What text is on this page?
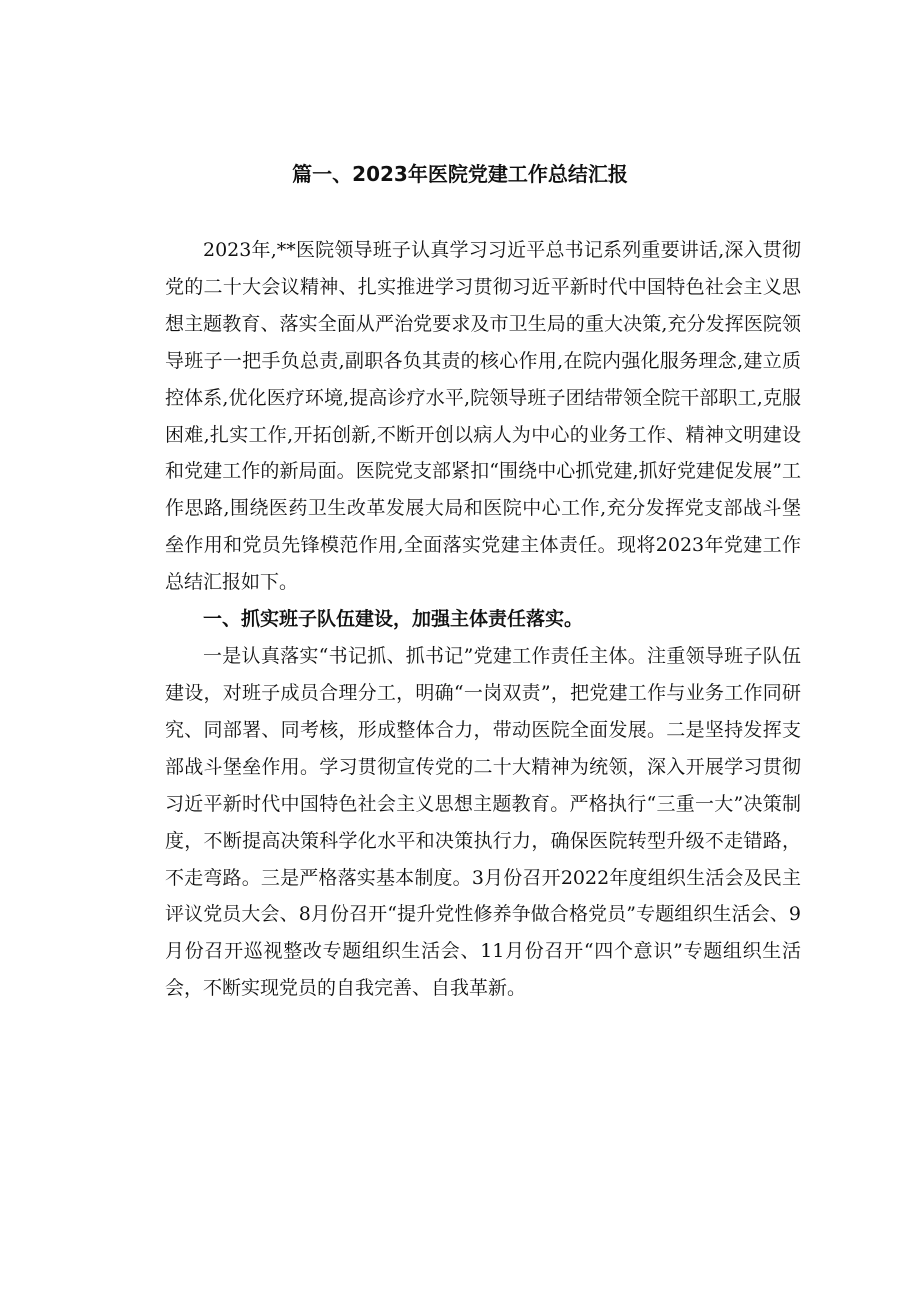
篇一、2023年医院党建工作总结汇报

2023年,**医院领导班子认真学习习近平总书记系列重要讲话,深入贯彻党的二十大会议精神、扎实推进学习贯彻习近平新时代中国特色社会主义思想主题教育、落实全面从严治党要求及市卫生局的重大决策,充分发挥医院领导班子一把手负总责,副职各负其责的核心作用,在院内强化服务理念,建立质控体系,优化医疗环境,提高诊疗水平,院领导班子团结带领全院干部职工,克服困难,扎实工作,开拓创新,不断开创以病人为中心的业务工作、精神文明建设和党建工作的新局面。医院党支部紧扣“围绕中心抓党建,抓好党建促发展”工作思路,围绕医药卫生改革发展大局和医院中心工作,充分发挥党支部战斗堡垒作用和党员先锋模范作用,全面落实党建主体责任。现将2023年党建工作总结汇报如下。

一、抓实班子队伍建设，加强主体责任落实。

一是认真落实“书记抓、抓书记”党建工作责任主体。注重领导班子队伍建设，对班子成员合理分工，明确“一岗双责”，把党建工作与业务工作同研究、同部署、同考核，形成整体合力，带动医院全面发展。二是坚持发挥支部战斗堡垒作用。学习贯彻宣传党的二十大精神为统领，深入开展学习贯彻习近平新时代中国特色社会主义思想主题教育。严格执行“三重一大”决策制度，不断提高决策科学化水平和决策执行力，确保医院转型升级不走错路，不走弯路。三是严格落实基本制度。3月份召开2022年度组织生活会及民主评议党员大会、8月份召开“提升党性修养争做合格党员”专题组织生活会、9月份召开巡视整改专题组织生活会、11月份召开“四个意识”专题组织生活会，不断实现党员的自我完善、自我革新。
